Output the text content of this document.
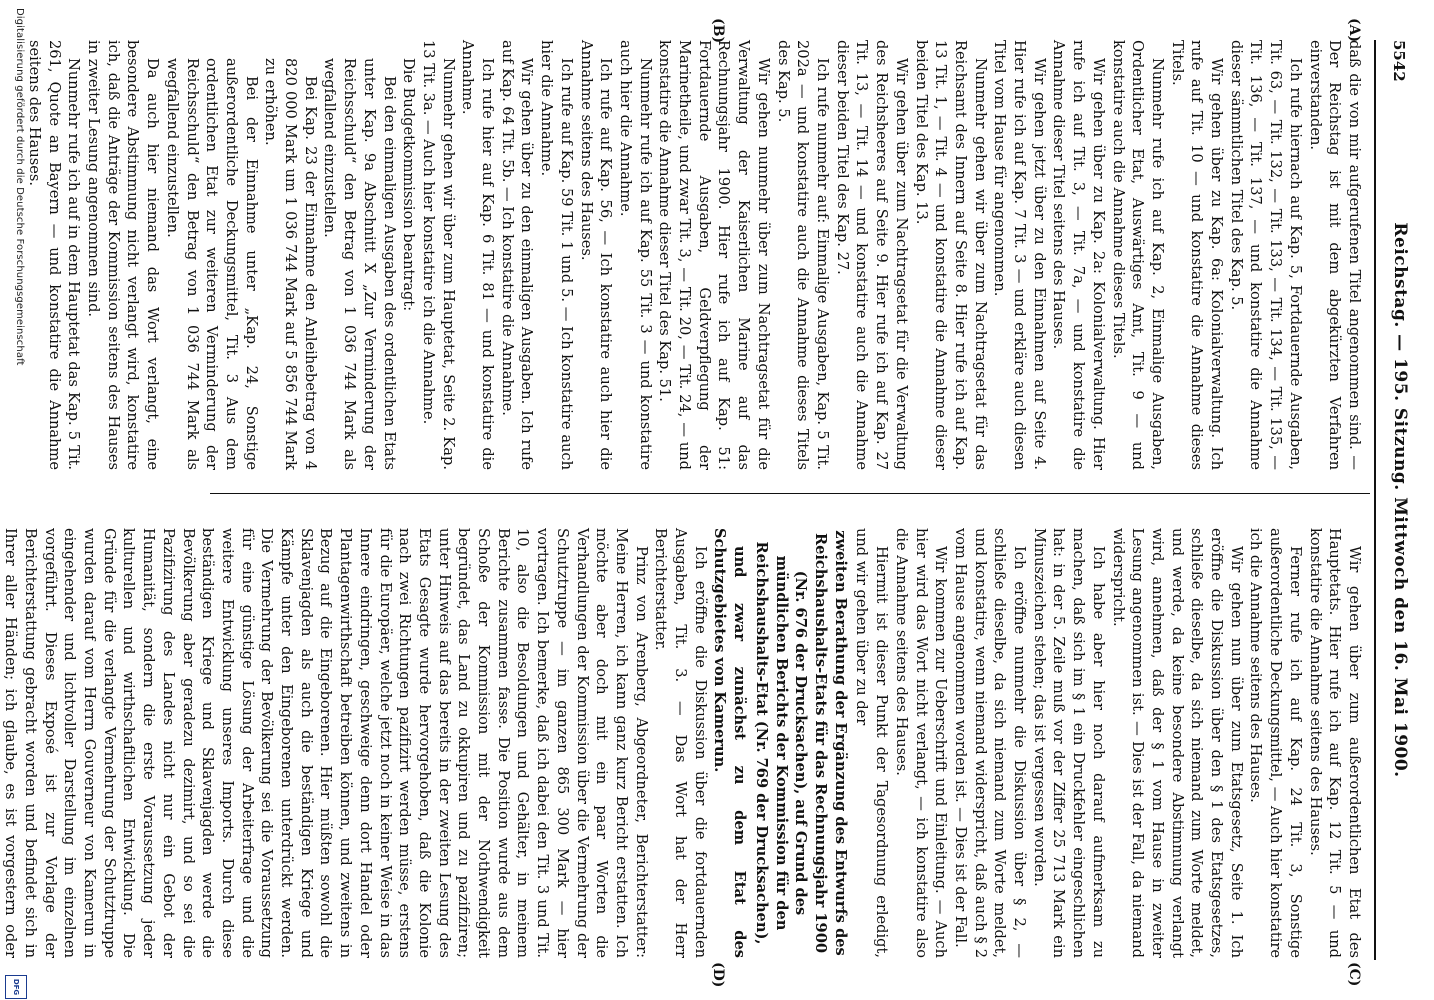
5542
Reichstag. — 195. Sitzung. Mittwoch den 16. Mai 1900.
(A)
(B)
(C)
(D)

daß die von mir aufgerufenen Titel angenommen sind. — Der Reichstag ist mit dem abgekürzten Verfahren einverstanden.

Ich rufe hiernach auf Kap. 5, Fortdauernde Ausgaben, Tit. 63, — Tit. 132, — Tit. 133, — Tit. 134, — Tit. 135, — Tit. 136, — Tit. 137, — und konstatire die Annahme dieser sämmtlichen Titel des Kap. 5.

Wir gehen über zu Kap. 6a: Kolonialverwaltung. Ich rufe auf Tit. 10 — und konstatire die Annahme dieses Titels.

Nunmehr rufe ich auf Kap. 2, Einmalige Ausgaben, Ordentlicher Etat, Auswärtiges Amt, Tit. 9 — und konstatire auch die Annahme dieses Titels.

Wir gehen über zu Kap. 2a: Kolonialverwaltung. Hier rufe ich auf Tit. 3, — Tit. 7a, — und konstatire die Annahme dieser Titel seitens des Hauses.

Wir gehen jetzt über zu den Einnahmen auf Seite 4. Hier rufe ich auf Kap. 7 Tit. 3 — und erkläre auch diesen Titel vom Hause für angenommen.

Nunmehr gehen wir über zum Nachtragsetat für das Reichsamt des Innern auf Seite 8. Hier rufe ich auf Kap. 13 Tit. 1, — Tit. 4 — und konstatire die Annahme dieser beiden Titel des Kap. 13.

Wir gehen über zum Nachtragsetat für die Verwaltung des Reichsheeres auf Seite 9. Hier rufe ich auf Kap. 27 Tit. 13, — Tit. 14 — und konstatire auch die Annahme dieser beiden Titel des Kap. 27.

Ich rufe nunmehr auf: Einmalige Ausgaben, Kap. 5 Tit. 202a — und konstatire auch die Annahme dieses Titels des Kap. 5.

Wir gehen nunmehr über zum Nachtragsetat für die Verwaltung der Kaiserlichen Marine auf das Rechnungsjahr 1900. Hier rufe ich auf Kap. 51: Fortdauernde Ausgaben, Geldverpflegung der Marinetheile, und zwar Tit. 3, — Tit. 20, — Tit. 24, — und konstatire die Annahme dieser Titel des Kap. 51.

Nunmehr rufe ich auf Kap. 55 Tit. 3 — und konstatire auch hier die Annahme.

Ich rufe auf Kap. 56, — Ich konstatire auch hier die Annahme seitens des Hauses.

Ich rufe auf Kap. 59 Tit. 1 und 5. — Ich konstatire auch hier die Annahme.

Wir gehen über zu den einmaligen Ausgaben. Ich rufe auf Kap. 64 Tit. 5b. — Ich konstatire die Annahme.

Ich rufe hier auf Kap. 6 Tit. 81 — und konstatire die Annahme.

Nunmehr gehen wir über zum Hauptetat, Seite 2. Kap. 13 Tit. 3a. — Auch hier konstatire ich die Annahme.

Die Budgetkommission beantragt:

Bei den einmaligen Ausgaben des ordentlichen Etats unter Kap. 9a Abschnitt X „Zur Verminderung der Reichsschuld“ den Betrag von 1 036 744 Mark als wegfallend einzustellen.

Bei Kap. 23 der Einnahme den Anleihebetrag von 4 820 000 Mark um 1 036 744 Mark auf 5 856 744 Mark zu erhöhen.

Bei der Einnahme unter „Kap. 24, Sonstige außerordentliche Deckungsmittel, Tit. 3 Aus dem ordentlichen Etat zur weiteren Verminderung der Reichsschuld“ den Betrag von 1 036 744 Mark als wegfallend einzustellen.

Da auch hier niemand das Wort verlangt, eine besondere Abstimmung nicht verlangt wird, konstatire ich, daß die Anträge der Kommission seitens des Hauses in zweiter Lesung angenommen sind.

Nunmehr rufe ich auf in dem Hauptetat das Kap. 5 Tit. 261, Quote an Bayern — und konstatire die Annahme seitens des Hauses.

Wir gehen über zum außerordentlichen Etat des Hauptetats. Hier rufe ich auf Kap. 12 Tit. 5 — und konstatire die Annahme seitens des Hauses.

Ferner rufe ich auf Kap. 24 Tit. 3, Sonstige außerordentliche Deckungsmittel, — Auch hier konstatire ich die Annahme seitens des Hauses.

Wir gehen nun über zum Etatsgesetz, Seite 1. Ich eröffne die Diskussion über den § 1 des Etatsgesetzes, schließe dieselbe, da sich niemand zum Worte meldet, und werde, da keine besondere Abstimmung verlangt wird, annehmen, daß der § 1 vom Hause in zweiter Lesung angenommen ist. — Dies ist der Fall, da niemand widerspricht.

Ich habe aber hier noch darauf aufmerksam zu machen, daß sich im § 1 ein Druckfehler eingeschlichen hat: in der 5. Zeile muß vor der Ziffer 25 713 Mark ein Minuszeichen stehen; das ist vergessen worden.

Ich eröffne nunmehr die Diskussion über § 2, — schließe dieselbe, da sich niemand zum Worte meldet, und konstatire, wenn niemand widerspricht, daß auch § 2 vom Hause angenommen worden ist. — Dies ist der Fall.

Wir kommen zur Ueberschrift und Einleitung. — Auch hier wird das Wort nicht verlangt, — ich konstatire also die Annahme seitens des Hauses.

Hiermit ist dieser Punkt der Tagesordnung erledigt, und wir gehen über zu der

zweiten Berathung der Ergänzung des Entwurfs des Reichshaushalts-Etats für das Rechnungsjahr 1900 (Nr. 676 der Drucksachen), auf Grund des mündlichen Berichts der Kommission für den Reichshaushalts-Etat (Nr. 769 der Drucksachen),

und zwar zunächst zu dem Etat des Schutzgebietes von Kamerun.

Ich eröffne die Diskussion über die fortdauernden Ausgaben, Tit. 3. — Das Wort hat der Herr Berichterstatter.

Prinz von Arenberg, Abgeordneter, Berichterstatter: Meine Herren, ich kann ganz kurz Bericht erstatten. Ich möchte aber doch mit ein paar Worten die Verhandlungen der Kommission über die Vermehrung der Schutztruppe — im ganzen 865 300 Mark — hier vortragen. Ich bemerke, daß ich dabei den Tit. 3 und Tit. 10, also die Besoldungen und Gehälter, in meinem Berichte zusammen fasse. Die Position wurde aus dem Schoße der Kommission mit der Nothwendigkeit begründet, das Land zu okkupiren und zu pazifiziren; unter Hinweis auf das bereits in der zweiten Lesung des Etats Gesagte wurde hervorgehoben, daß die Kolonie nach zwei Richtungen pazifizirt werden müsse, erstens für die Europäer, welche jetzt noch in keiner Weise in das Innere eindringen, geschweige denn dort Handel oder Plantagenwirthschaft betreiben können, und zweitens in Bezug auf die Eingeborenen. Hier müßten sowohl die Sklavenjagden als auch die beständigen Kriege und Kämpfe unter den Eingeborenen unterdrückt werden. Die Vermehrung der Bevölkerung sei die Voraussetzung für eine günstige Lösung der Arbeiterfrage und die weitere Entwicklung unseres Imports. Durch diese beständigen Kriege und Sklavenjagden werde die Bevölkerung aber geradezu dezimirt, und so sei die Pazifizirung des Landes nicht nur ein Gebot der Humanität, sondern die erste Voraussetzung jeder kulturellen und wirthschaftlichen Entwicklung. Die Gründe für die verlangte Vermehrung der Schutztruppe wurden darauf vom Herrn Gouverneur von Kamerun in eingehender und lichtvoller Darstellung im einzelnen vorgeführt. Dieses Exposé ist zur Vorlage der Berichterstattung gebracht worden und befindet sich in Ihrer aller Händen; ich glaube, es ist vorgestern oder

Digitalisierung gefördert durch die Deutsche Forschungsgemeinschaft
DFG
